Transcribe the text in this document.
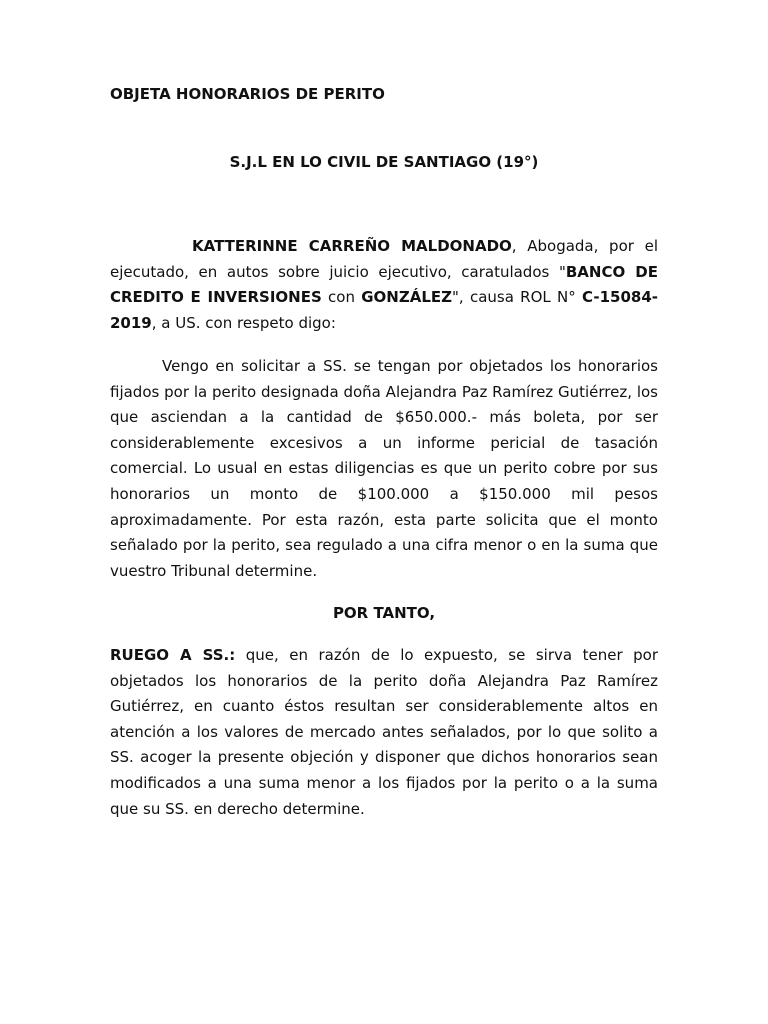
OBJETA HONORARIOS DE PERITO
S.J.L EN LO CIVIL DE SANTIAGO (19°)

KATTERINNE CARREÑO MALDONADO, Abogada, por el ejecutado, en autos sobre juicio ejecutivo, caratulados "BANCO DE CREDITO E INVERSIONES con GONZÁLEZ", causa ROL N° C-15084-2019, a US. con respeto digo:

Vengo en solicitar a SS. se tengan por objetados los honorarios fijados por la perito designada doña Alejandra Paz Ramírez Gutiérrez, los que asciendan a la cantidad de $650.000.- más boleta, por ser considerablemente excesivos a un informe pericial de tasación comercial. Lo usual en estas diligencias es que un perito cobre por sus honorarios un monto de $100.000 a $150.000 mil pesos aproximadamente. Por esta razón, esta parte solicita que el monto señalado por la perito, sea regulado a una cifra menor o en la suma que vuestro Tribunal determine.

POR TANTO,

RUEGO A SS.: que, en razón de lo expuesto, se sirva tener por objetados los honorarios de la perito doña Alejandra Paz Ramírez Gutiérrez, en cuanto éstos resultan ser considerablemente altos en atención a los valores de mercado antes señalados, por lo que solito a SS. acoger la presente objeción y disponer que dichos honorarios sean modificados a una suma menor a los fijados por la perito o a la suma que su SS. en derecho determine.
